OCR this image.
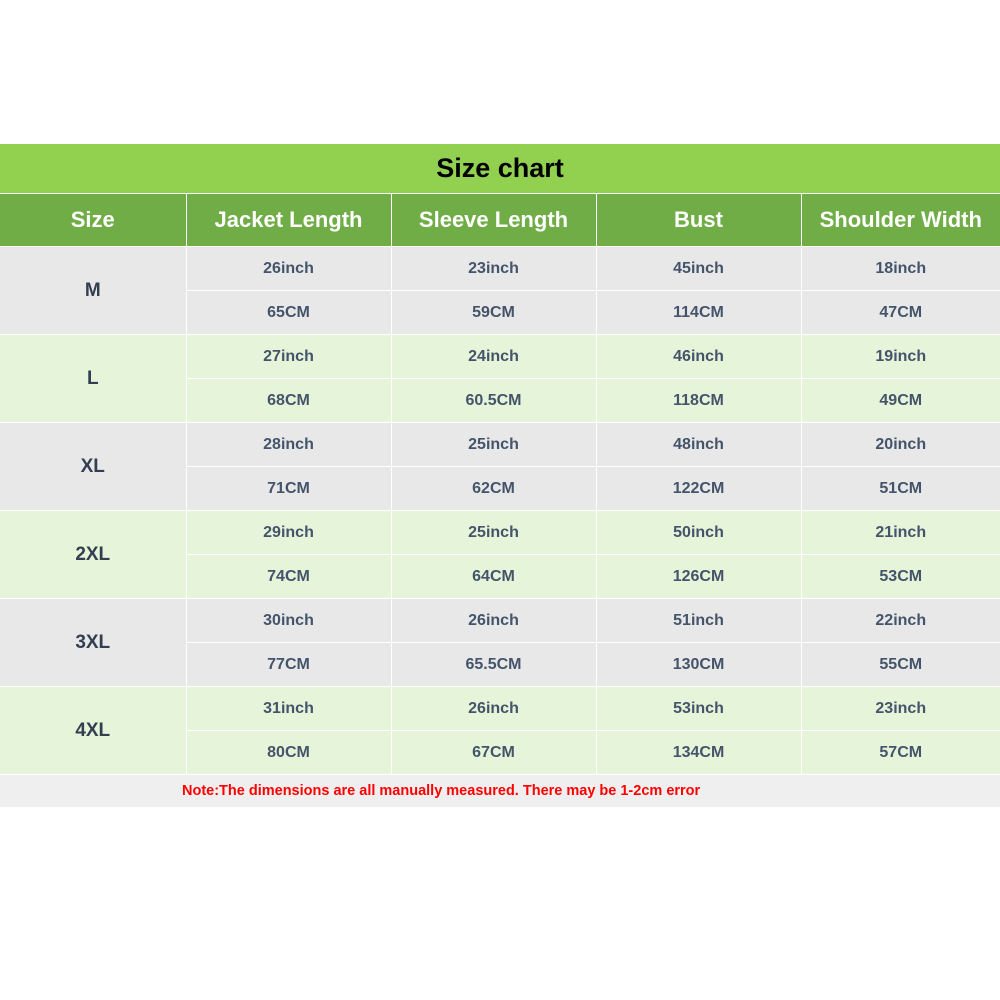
Size chart
Size	Jacket Length	Sleeve Length	Bust	Shoulder Width
M	26inch	23inch	45inch	18inch
	65CM	59CM	114CM	47CM
L	27inch	24inch	46inch	19inch
	68CM	60.5CM	118CM	49CM
XL	28inch	25inch	48inch	20inch
	71CM	62CM	122CM	51CM
2XL	29inch	25inch	50inch	21inch
	74CM	64CM	126CM	53CM
3XL	30inch	26inch	51inch	22inch
	77CM	65.5CM	130CM	55CM
4XL	31inch	26inch	53inch	23inch
	80CM	67CM	134CM	57CM
Note:The dimensions are all manually measured. There may be 1-2cm error
